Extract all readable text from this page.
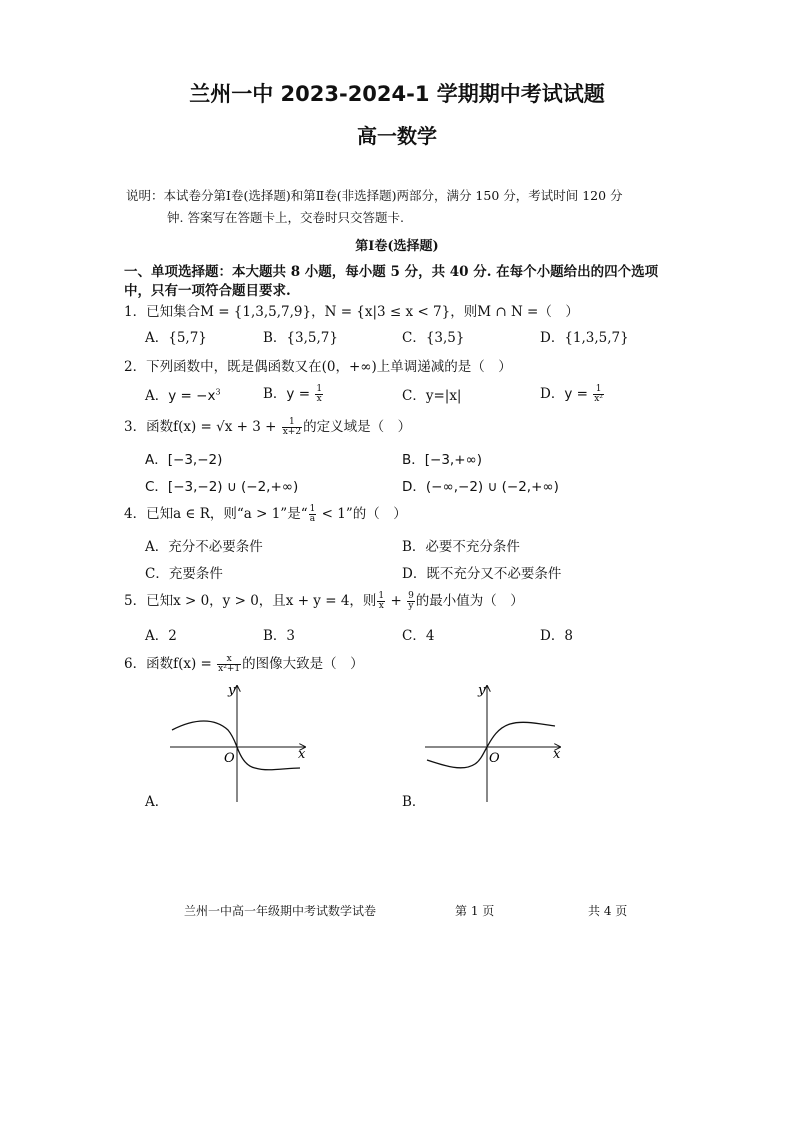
兰州一中 2023-2024-1 学期期中考试试题
高一数学
说明：本试卷分第Ⅰ卷(选择题)和第Ⅱ卷(非选择题)两部分，满分 150 分，考试时间 120 分
钟. 答案写在答题卡上，交卷时只交答题卡.
第Ⅰ卷(选择题)
一、单项选择题：本大题共 8 小题，每小题 5 分，共 40 分. 在每个小题给出的四个选项
中，只有一项符合题目要求.
1．已知集合M = {1,3,5,7,9}，N = {x|3 ≤ x < 7}，则M ∩ N =（　）
A．{5,7}	B．{3,5,7}	C．{3,5}	D．{1,3,5,7}
2．下列函数中，既是偶函数又在(0，+∞)上单调递减的是（　）
A．$y = -x^3$	B．$y = \frac{1}{x}$	C．y=|x|	D．$y = \frac{1}{\text{x²}}$
3．函数$f(x) = √x + 3 + \frac{1}{x+2}$ 的定义域是（　）
A．[−3,−2)	B．[−3,+∞)
C．[−3,−2) ∪ (−2,+∞)	D．(−∞,−2) ∪ (−2,+∞)
4．已知a ∈ R，则“a > 1”是“ $\frac{1}{a} < 1$”的（　）
A．充分不必要条件	B．必要不充分条件
C．充要条件	D．既不充分又不必要条件
5．已知x > 0，y > 0，且x + y = 4，则 $\frac{1}{x} + \frac{9}{y}$ 的最小值为（　）
A．2	B．3	C．4	D．8
6．函数$f(x) = \frac{x}{\text{x²+1}}$ 的图像大致是（　）
y
x
O
A．
y
x
O
B．
兰州一中高一年级期中考试数学试卷	第 1 页	共 4 页
